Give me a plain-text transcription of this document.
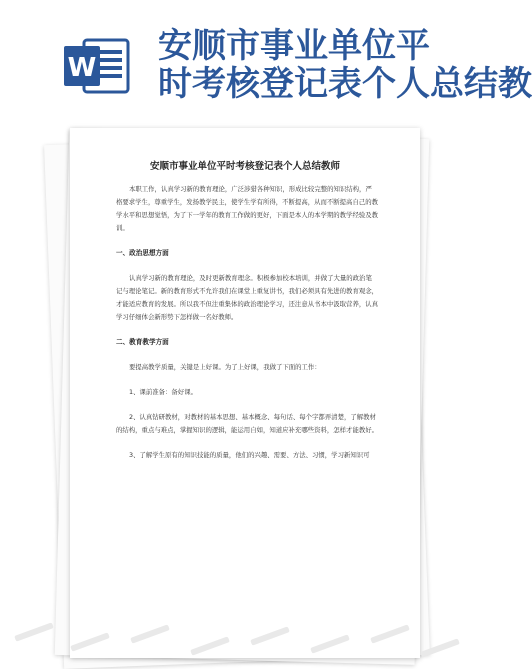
W
安顺市事业单位平
时考核登记表个人总结教
安顺市事业单位平时考核登记表个人总结教师

本职工作，认真学习新的教育理论，广泛涉猎各种知识，形成比较完整的知识结构，严格要求学生，尊重学生，发扬教学民主，使学生学有所得，不断提高，从而不断提高自己的教学水平和思想觉悟，为了下一学年的教育工作做的更好，下面是本人的本学期的教学经验及教训。

一、政治思想方面

认真学习新的教育理论，及时更新教育理念。积极参加校本培训，并做了大量的政治笔记与理论笔记。新的教育形式不允许我们在课堂上重复讲书，我们必须具有先进的教育观念，才能适应教育的发展。所以我不但注重集体的政治理论学习，还注意从书本中汲取营养，认真学习仔细体会新形势下怎样做一名好教师。

二、教育教学方面

要提高教学质量，关键是上好课。为了上好课，我做了下面的工作：

1、课前准备：备好课。

2、认真钻研教材，对教材的基本思想、基本概念、每句话、每个字都弄清楚，了解教材的结构，重点与难点，掌握知识的逻辑，能运用自如，知道应补充哪些资料，怎样才能教好。

3、了解学生原有的知识技能的质量，他们的兴趣、需要、方法、习惯，学习新知识可
